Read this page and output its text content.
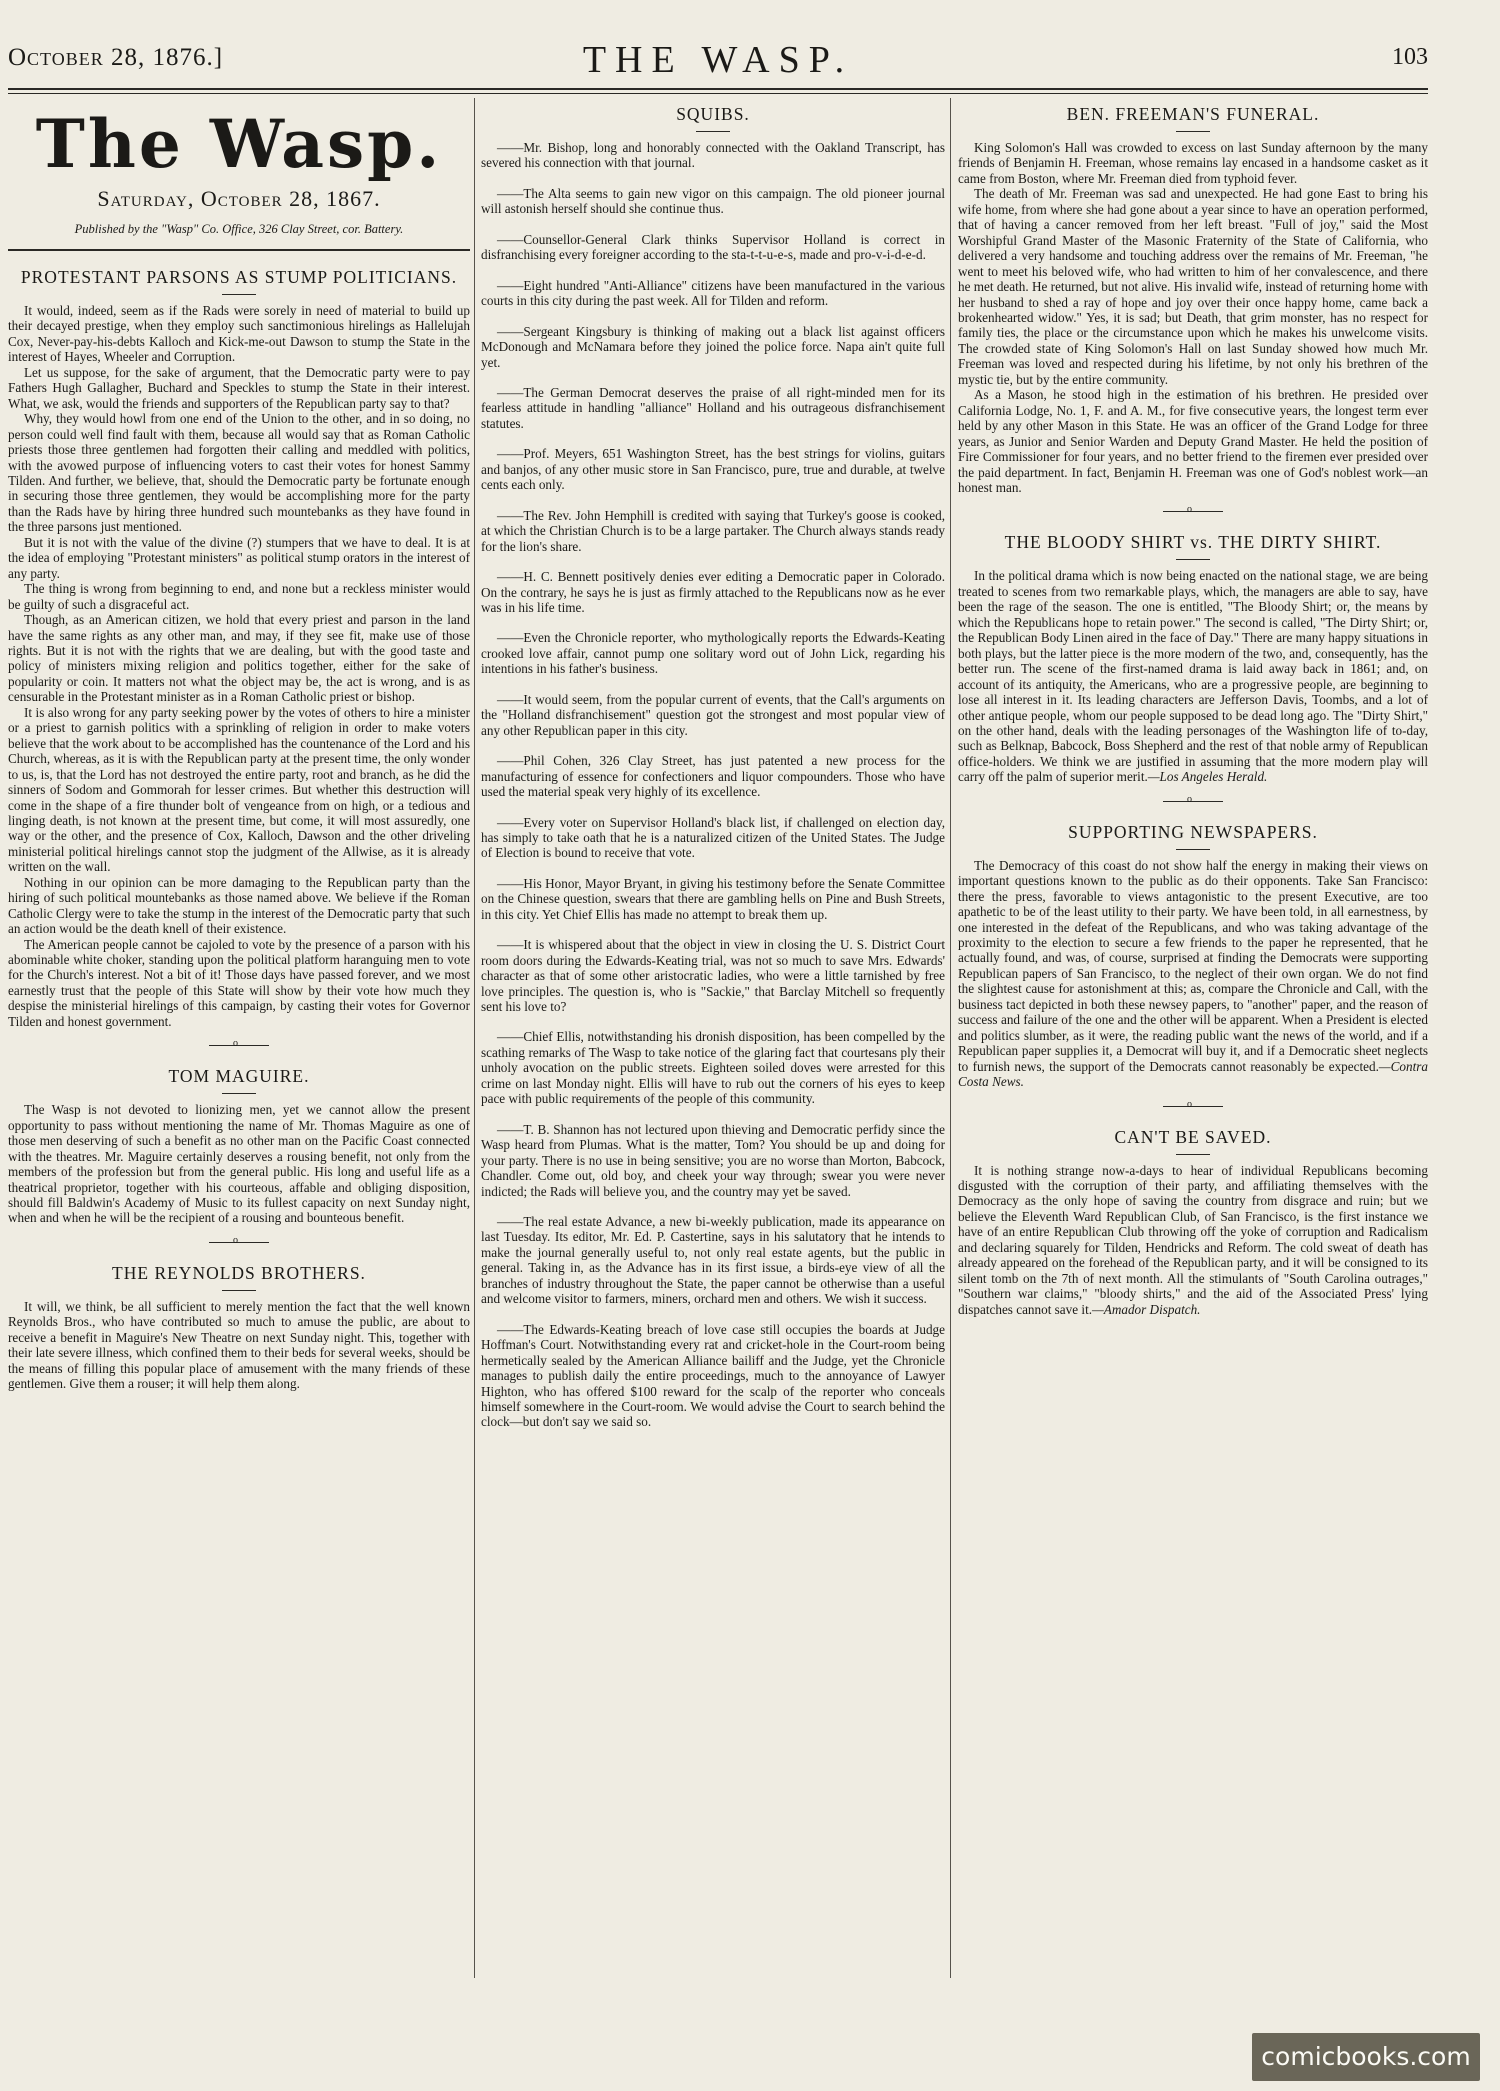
October 28, 1876.]	THE WASP.	103
The Wasp.
Saturday, October 28, 1867.
Published by the "Wasp" Co. Office, 326 Clay Street, cor. Battery.
PROTESTANT PARSONS AS STUMP POLITICIANS.

It would, indeed, seem as if the Rads were sorely in need of material to build up their decayed prestige, when they employ such sanctimonious hirelings as Hallelujah Cox, Never-pay-his-debts Kalloch and Kick-me-out Dawson to stump the State in the interest of Hayes, Wheeler and Corruption.

Let us suppose, for the sake of argument, that the Democratic party were to pay Fathers Hugh Gallagher, Buchard and Speckles to stump the State in their interest. What, we ask, would the friends and supporters of the Republican party say to that?

Why, they would howl from one end of the Union to the other, and in so doing, no person could well find fault with them, because all would say that as Roman Catholic priests those three gentlemen had forgotten their calling and meddled with politics, with the avowed purpose of influencing voters to cast their votes for honest Sammy Tilden. And further, we believe, that, should the Democratic party be fortunate enough in securing those three gentlemen, they would be accomplishing more for the party than the Rads have by hiring three hundred such mountebanks as they have found in the three parsons just mentioned.

But it is not with the value of the divine (?) stumpers that we have to deal. It is at the idea of employing "Protestant ministers" as political stump orators in the interest of any party.

The thing is wrong from beginning to end, and none but a reckless minister would be guilty of such a disgraceful act.

Though, as an American citizen, we hold that every priest and parson in the land have the same rights as any other man, and may, if they see fit, make use of those rights. But it is not with the rights that we are dealing, but with the good taste and policy of ministers mixing religion and politics together, either for the sake of popularity or coin. It matters not what the object may be, the act is wrong, and is as censurable in the Protestant minister as in a Roman Catholic priest or bishop.

It is also wrong for any party seeking power by the votes of others to hire a minister or a priest to garnish politics with a sprinkling of religion in order to make voters believe that the work about to be accomplished has the countenance of the Lord and his Church, whereas, as it is with the Republican party at the present time, the only wonder to us, is, that the Lord has not destroyed the entire party, root and branch, as he did the sinners of Sodom and Gommorah for lesser crimes. But whether this destruction will come in the shape of a fire thunder bolt of vengeance from on high, or a tedious and linging death, is not known at the present time, but come, it will most assuredly, one way or the other, and the presence of Cox, Kalloch, Dawson and the other driveling ministerial political hirelings cannot stop the judgment of the Allwise, as it is already written on the wall.

Nothing in our opinion can be more damaging to the Republican party than the hiring of such political mountebanks as those named above. We believe if the Roman Catholic Clergy were to take the stump in the interest of the Democratic party that such an action would be the death knell of their existence.

The American people cannot be cajoled to vote by the presence of a parson with his abominable white choker, standing upon the political platform haranguing men to vote for the Church's interest. Not a bit of it! Those days have passed forever, and we most earnestly trust that the people of this State will show by their vote how much they despise the ministerial hirelings of this campaign, by casting their votes for Governor Tilden and honest government.

o
TOM MAGUIRE.

The Wasp is not devoted to lionizing men, yet we cannot allow the present opportunity to pass without mentioning the name of Mr. Thomas Maguire as one of those men deserving of such a benefit as no other man on the Pacific Coast connected with the theatres. Mr. Maguire certainly deserves a rousing benefit, not only from the members of the profession but from the general public. His long and useful life as a theatrical proprietor, together with his courteous, affable and obliging disposition, should fill Baldwin's Academy of Music to its fullest capacity on next Sunday night, when and when he will be the recipient of a rousing and bounteous benefit.

o
THE REYNOLDS BROTHERS.

It will, we think, be all sufficient to merely mention the fact that the well known Reynolds Bros., who have contributed so much to amuse the public, are about to receive a benefit in Maguire's New Theatre on next Sunday night. This, together with their late severe illness, which confined them to their beds for several weeks, should be the means of filling this popular place of amusement with the many friends of these gentlemen. Give them a rouser; it will help them along.

SQUIBS.

——Mr. Bishop, long and honorably connected with the Oakland Transcript, has severed his connection with that journal.

——The Alta seems to gain new vigor on this campaign. The old pioneer journal will astonish herself should she continue thus.

——Counsellor-General Clark thinks Supervisor Holland is correct in disfranchising every foreigner according to the sta-t-t-u-e-s, made and pro-v-i-d-e-d.

——Eight hundred "Anti-Alliance" citizens have been manufactured in the various courts in this city during the past week. All for Tilden and reform.

——Sergeant Kingsbury is thinking of making out a black list against officers McDonough and McNamara before they joined the police force. Napa ain't quite full yet.

——The German Democrat deserves the praise of all right-minded men for its fearless attitude in handling "alliance" Holland and his outrageous disfranchisement statutes.

——Prof. Meyers, 651 Washington Street, has the best strings for violins, guitars and banjos, of any other music store in San Francisco, pure, true and durable, at twelve cents each only.

——The Rev. John Hemphill is credited with saying that Turkey's goose is cooked, at which the Christian Church is to be a large partaker. The Church always stands ready for the lion's share.

——H. C. Bennett positively denies ever editing a Democratic paper in Colorado. On the contrary, he says he is just as firmly attached to the Republicans now as he ever was in his life time.

——Even the Chronicle reporter, who mythologically reports the Edwards-Keating crooked love affair, cannot pump one solitary word out of John Lick, regarding his intentions in his father's business.

——It would seem, from the popular current of events, that the Call's arguments on the "Holland disfranchisement" question got the strongest and most popular view of any other Republican paper in this city.

——Phil Cohen, 326 Clay Street, has just patented a new process for the manufacturing of essence for confectioners and liquor compounders. Those who have used the material speak very highly of its excellence.

——Every voter on Supervisor Holland's black list, if challenged on election day, has simply to take oath that he is a naturalized citizen of the United States. The Judge of Election is bound to receive that vote.

——His Honor, Mayor Bryant, in giving his testimony before the Senate Committee on the Chinese question, swears that there are gambling hells on Pine and Bush Streets, in this city. Yet Chief Ellis has made no attempt to break them up.

——It is whispered about that the object in view in closing the U. S. District Court room doors during the Edwards-Keating trial, was not so much to save Mrs. Edwards' character as that of some other aristocratic ladies, who were a little tarnished by free love principles. The question is, who is "Sackie," that Barclay Mitchell so frequently sent his love to?

——Chief Ellis, notwithstanding his dronish disposition, has been compelled by the scathing remarks of The Wasp to take notice of the glaring fact that courtesans ply their unholy avocation on the public streets. Eighteen soiled doves were arrested for this crime on last Monday night. Ellis will have to rub out the corners of his eyes to keep pace with public requirements of the people of this community.

——T. B. Shannon has not lectured upon thieving and Democratic perfidy since the Wasp heard from Plumas. What is the matter, Tom? You should be up and doing for your party. There is no use in being sensitive; you are no worse than Morton, Babcock, Chandler. Come out, old boy, and cheek your way through; swear you were never indicted; the Rads will believe you, and the country may yet be saved.

——The real estate Advance, a new bi-weekly publication, made its appearance on last Tuesday. Its editor, Mr. Ed. P. Castertine, says in his salutatory that he intends to make the journal generally useful to, not only real estate agents, but the public in general. Taking in, as the Advance has in its first issue, a birds-eye view of all the branches of industry throughout the State, the paper cannot be otherwise than a useful and welcome visitor to farmers, miners, orchard men and others. We wish it success.

——The Edwards-Keating breach of love case still occupies the boards at Judge Hoffman's Court. Notwithstanding every rat and cricket-hole in the Court-room being hermetically sealed by the American Alliance bailiff and the Judge, yet the Chronicle manages to publish daily the entire proceedings, much to the annoyance of Lawyer Highton, who has offered $100 reward for the scalp of the reporter who conceals himself somewhere in the Court-room. We would advise the Court to search behind the clock—but don't say we said so.

BEN. FREEMAN'S FUNERAL.

King Solomon's Hall was crowded to excess on last Sunday afternoon by the many friends of Benjamin H. Freeman, whose remains lay encased in a handsome casket as it came from Boston, where Mr. Freeman died from typhoid fever.

The death of Mr. Freeman was sad and unexpected. He had gone East to bring his wife home, from where she had gone about a year since to have an operation performed, that of having a cancer removed from her left breast. "Full of joy," said the Most Worshipful Grand Master of the Masonic Fraternity of the State of California, who delivered a very handsome and touching address over the remains of Mr. Freeman, "he went to meet his beloved wife, who had written to him of her convalescence, and there he met death. He returned, but not alive. His invalid wife, instead of returning home with her husband to shed a ray of hope and joy over their once happy home, came back a brokenhearted widow." Yes, it is sad; but Death, that grim monster, has no respect for family ties, the place or the circumstance upon which he makes his unwelcome visits. The crowded state of King Solomon's Hall on last Sunday showed how much Mr. Freeman was loved and respected during his lifetime, by not only his brethren of the mystic tie, but by the entire community.

As a Mason, he stood high in the estimation of his brethren. He presided over California Lodge, No. 1, F. and A. M., for five consecutive years, the longest term ever held by any other Mason in this State. He was an officer of the Grand Lodge for three years, as Junior and Senior Warden and Deputy Grand Master. He held the position of Fire Commissioner for four years, and no better friend to the firemen ever presided over the paid department. In fact, Benjamin H. Freeman was one of God's noblest work—an honest man.

o
THE BLOODY SHIRT vs. THE DIRTY SHIRT.

In the political drama which is now being enacted on the national stage, we are being treated to scenes from two remarkable plays, which, the managers are able to say, have been the rage of the season. The one is entitled, "The Bloody Shirt; or, the means by which the Republicans hope to retain power." The second is called, "The Dirty Shirt; or, the Republican Body Linen aired in the face of Day." There are many happy situations in both plays, but the latter piece is the more modern of the two, and, consequently, has the better run. The scene of the first-named drama is laid away back in 1861; and, on account of its antiquity, the Americans, who are a progressive people, are beginning to lose all interest in it. Its leading characters are Jefferson Davis, Toombs, and a lot of other antique people, whom our people supposed to be dead long ago. The "Dirty Shirt," on the other hand, deals with the leading personages of the Washington life of to-day, such as Belknap, Babcock, Boss Shepherd and the rest of that noble army of Republican office-holders. We think we are justified in assuming that the more modern play will carry off the palm of superior merit.—Los Angeles Herald.

o
SUPPORTING NEWSPAPERS.

The Democracy of this coast do not show half the energy in making their views on important questions known to the public as do their opponents. Take San Francisco: there the press, favorable to views antagonistic to the present Executive, are too apathetic to be of the least utility to their party. We have been told, in all earnestness, by one interested in the defeat of the Republicans, and who was taking advantage of the proximity to the election to secure a few friends to the paper he represented, that he actually found, and was, of course, surprised at finding the Democrats were supporting Republican papers of San Francisco, to the neglect of their own organ. We do not find the slightest cause for astonishment at this; as, compare the Chronicle and Call, with the business tact depicted in both these newsey papers, to "another" paper, and the reason of success and failure of the one and the other will be apparent. When a President is elected and politics slumber, as it were, the reading public want the news of the world, and if a Republican paper supplies it, a Democrat will buy it, and if a Democratic sheet neglects to furnish news, the support of the Democrats cannot reasonably be expected.—Contra Costa News.

o
CAN'T BE SAVED.

It is nothing strange now-a-days to hear of individual Republicans becoming disgusted with the corruption of their party, and affiliating themselves with the Democracy as the only hope of saving the country from disgrace and ruin; but we believe the Eleventh Ward Republican Club, of San Francisco, is the first instance we have of an entire Republican Club throwing off the yoke of corruption and Radicalism and declaring squarely for Tilden, Hendricks and Reform. The cold sweat of death has already appeared on the forehead of the Republican party, and it will be consigned to its silent tomb on the 7th of next month. All the stimulants of "South Carolina outrages," "Southern war claims," "bloody shirts," and the aid of the Associated Press' lying dispatches cannot save it.—Amador Dispatch.

comicbooks.com
